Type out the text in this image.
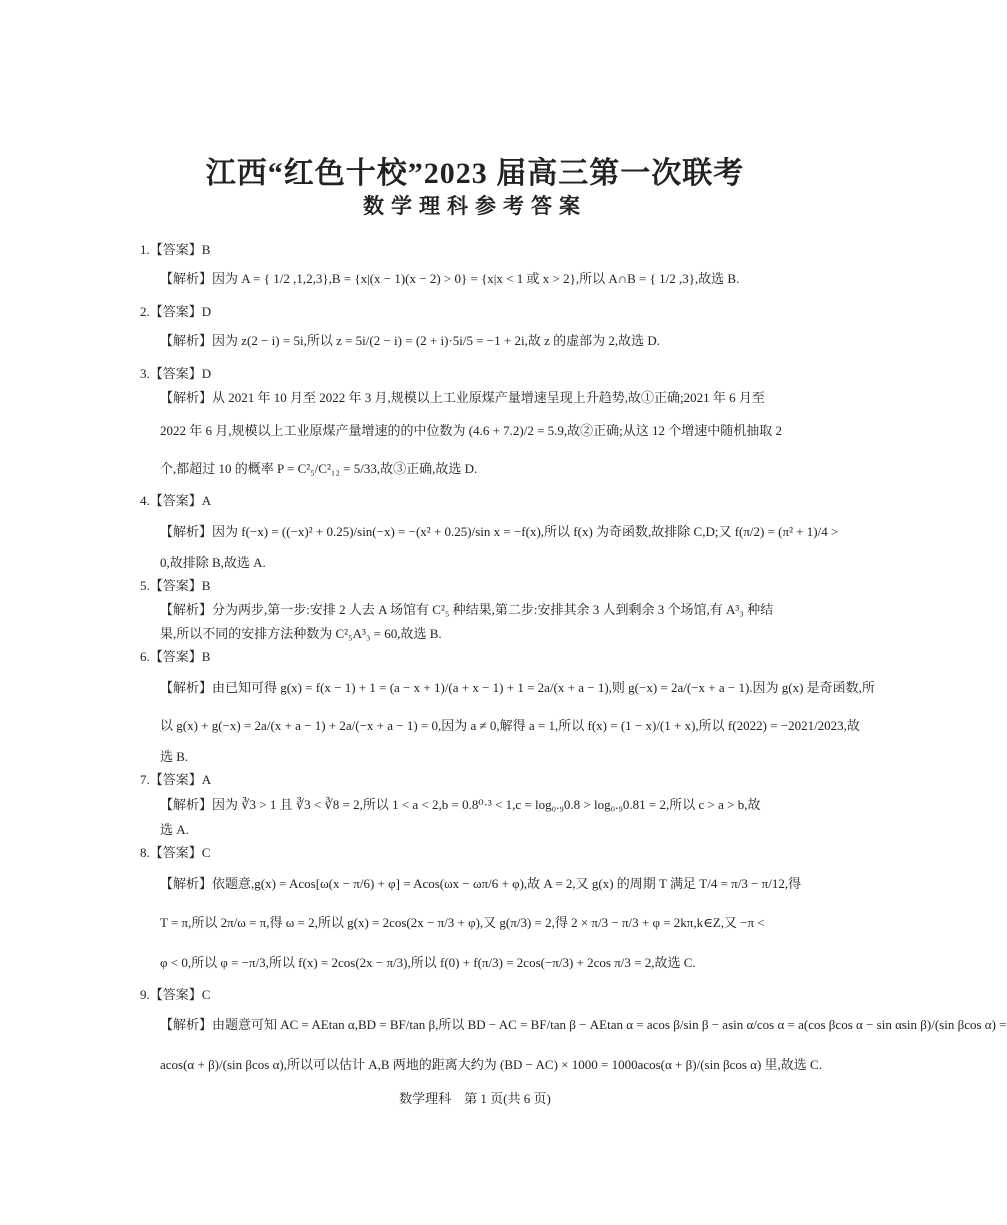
江西“红色十校”2023 届高三第一次联考
数学理科参考答案
1.【答案】B
【解析】因为 A = { 1/2 ,1,2,3},B = {x|(x − 1)(x − 2) > 0} = {x|x < 1 或 x > 2},所以 A∩B = { 1/2 ,3},故选 B.
2.【答案】D
【解析】因为 z(2 − i) = 5i,所以 z = 5i/(2 − i) = (2 + i)·5i/5 = −1 + 2i,故 z 的虚部为 2,故选 D.
3.【答案】D
【解析】从 2021 年 10 月至 2022 年 3 月,规模以上工业原煤产量增速呈现上升趋势,故①正确;2021 年 6 月至
2022 年 6 月,规模以上工业原煤产量增速的的中位数为 (4.6 + 7.2)/2 = 5.9,故②正确;从这 12 个增速中随机抽取 2
个,都超过 10 的概率 P = C²₅/C²₁₂ = 5/33,故③正确,故选 D.
4.【答案】A
【解析】因为 f(−x) = ((−x)² + 0.25)/sin(−x) = −(x² + 0.25)/sin x = −f(x),所以 f(x) 为奇函数,故排除 C,D;又 f(π/2) = (π² + 1)/4 >
0,故排除 B,故选 A.
5.【答案】B
【解析】分为两步,第一步:安排 2 人去 A 场馆有 C²₅ 种结果,第二步:安排其余 3 人到剩余 3 个场馆,有 A³₃ 种结
果,所以不同的安排方法种数为 C²₅A³₃ = 60,故选 B.
6.【答案】B
【解析】由已知可得 g(x) = f(x − 1) + 1 = (a − x + 1)/(a + x − 1) + 1 = 2a/(x + a − 1),则 g(−x) = 2a/(−x + a − 1).因为 g(x) 是奇函数,所
以 g(x) + g(−x) = 2a/(x + a − 1) + 2a/(−x + a − 1) = 0,因为 a ≠ 0,解得 a = 1,所以 f(x) = (1 − x)/(1 + x),所以 f(2022) = −2021/2023,故
选 B.
7.【答案】A
【解析】因为 ∛3 > 1 且 ∛3 < ∛8 = 2,所以 1 < a < 2,b = 0.8⁰·³ < 1,c = log₀.₉0.8 > log₀.₉0.81 = 2,所以 c > a > b,故
选 A.
8.【答案】C
【解析】依题意,g(x) = Acos[ω(x − π/6) + φ] = Acos(ωx − ωπ/6 + φ),故 A = 2,又 g(x) 的周期 T 满足 T/4 = π/3 − π/12,得
T = π,所以 2π/ω = π,得 ω = 2,所以 g(x) = 2cos(2x − π/3 + φ),又 g(π/3) = 2,得 2 × π/3 − π/3 + φ = 2kπ,k∈Z,又 −π <
φ < 0,所以 φ = −π/3,所以 f(x) = 2cos(2x − π/3),所以 f(0) + f(π/3) = 2cos(−π/3) + 2cos π/3 = 2,故选 C.
9.【答案】C
【解析】由题意可知 AC = AEtan α,BD = BF/tan β,所以 BD − AC = BF/tan β − AEtan α = acos β/sin β − asin α/cos α = a(cos βcos α − sin αsin β)/(sin βcos α) =
acos(α + β)/(sin βcos α),所以可以估计 A,B 两地的距离大约为 (BD − AC) × 1000 = 1000acos(α + β)/(sin βcos α) 里,故选 C.
数学理科　第 1 页(共 6 页)
